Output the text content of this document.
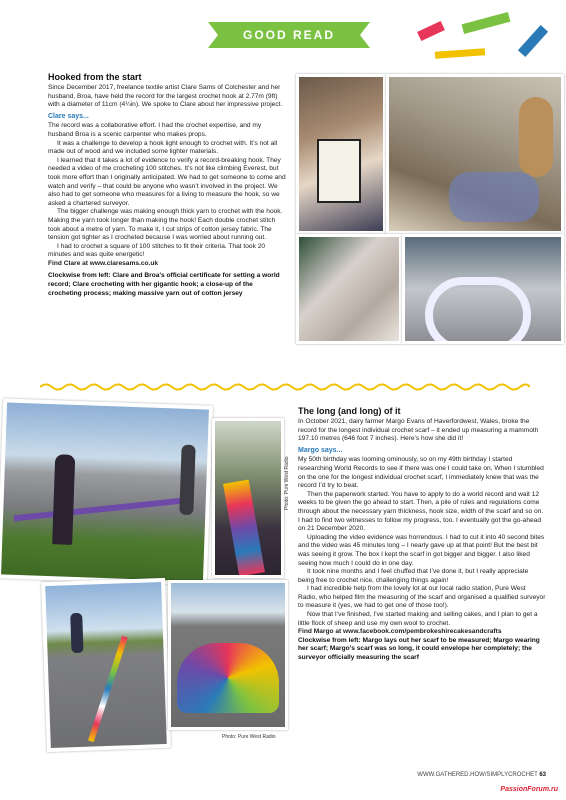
GOOD READ
Hooked from the start

Since December 2017, freelance textile artist Clare Sams of Colchester and her husband, Broa, have held the record for the largest crochet hook at 2.77m (9ft) with a diameter of 11cm (4¼in). We spoke to Clare about her impressive project.

Clare says...

The record was a collaborative effort. I had the crochet expertise, and my husband Broa is a scenic carpenter who makes props.

It was a challenge to develop a hook light enough to crochet with. It’s not all made out of wood and we included some lighter materials.

I learned that it takes a lot of evidence to verify a record-breaking hook. They needed a video of me crocheting 100 stitches. It’s not like climbing Everest, but took more effort than I originally anticipated. We had to get someone to come and watch and verify – that could be anyone who wasn’t involved in the project. We also had to get someone who measures for a living to measure the hook, so we asked a chartered surveyor.

The bigger challenge was making enough thick yarn to crochet with the hook. Making the yarn took longer than making the hook! Each double crochet stitch took about a metre of yarn. To make it, I cut strips of cotton jersey fabric. The tension got tighter as I crocheted because I was worried about running out.

I had to crochet a square of 100 stitches to fit their criteria. That took 20 minutes and was quite energetic!

Find Clare at www.claresams.co.uk

Clockwise from left: Clare and Broa’s official certificate for setting a world record; Clare crocheting with her gigantic hook; a close-up of the crocheting process; making massive yarn out of cotton jersey
Photo: Pure West Radio
Photo: Pure West Radio
The long (and long) of it

In October 2021, dairy farmer Margo Evans of Haverfordwest, Wales, broke the record for the longest individual crochet scarf – it ended up measuring a mammoth 197.10 metres (646 foot 7 inches). Here’s how she did it!

Margo says...

My 50th birthday was looming ominously, so on my 49th birthday I started researching World Records to see if there was one I could take on. When I stumbled on the one for the longest individual crochet scarf, I immediately knew that was the record I’d try to beat.

Then the paperwork started. You have to apply to do a world record and wait 12 weeks to be given the go ahead to start. Then, a pile of rules and regulations come through about the necessary yarn thickness, hook size, width of the scarf and so on. I had to find two witnesses to follow my progress, too. I eventually got the go-ahead on 21 December 2020.

Uploading the video evidence was horrendous. I had to cut it into 40 second bites and the video was 45 minutes long – I nearly gave up at that point! But the best bit was seeing it grow. The box I kept the scarf in got bigger and bigger. I also liked seeing how much I could do in one day.

It took nine months and I feel chuffed that I’ve done it, but I really appreciate being free to crochet nice, challenging things again!

I had incredible help from the lovely lot at our local radio station, Pure West Radio, who helped film the measuring of the scarf and organised a qualified surveyor to measure it (yes, we had to get one of those too!).

Now that I’ve finished, I’ve started making and selling cakes, and I plan to get a little flock of sheep and use my own wool to crochet.

Find Margo at www.facebook.com/pembrokeshirecakesandcrafts

Clockwise from left: Margo lays out her scarf to be measured; Margo wearing her scarf; Margo’s scarf was so long, it could envelope her completely; the surveyor officially measuring the scarf
WWW.GATHERED.HOW/SIMPLYCROCHET 63
PassionForum.ru
